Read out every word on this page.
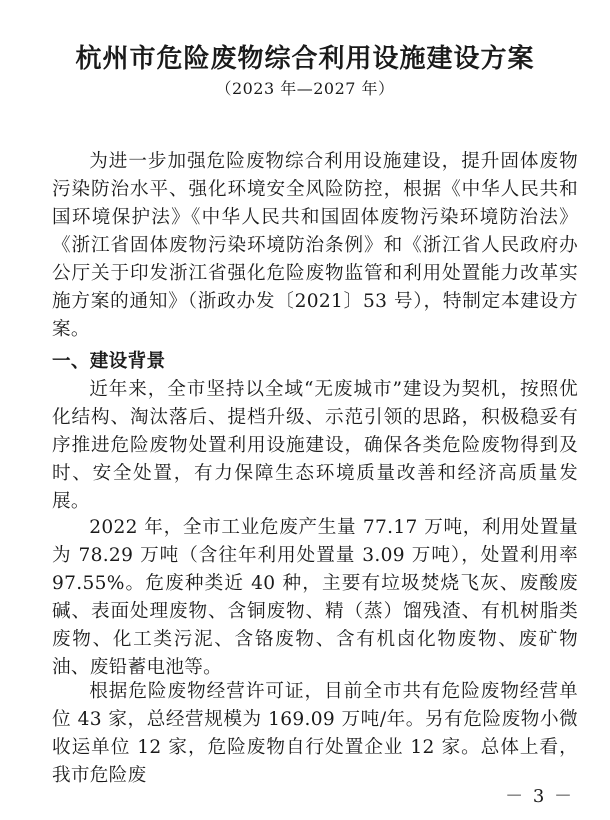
杭州市危险废物综合利用设施建设方案
（2023 年—2027 年）
为进一步加强危险废物综合利用设施建设，提升固体废物污染防治水平、强化环境安全风险防控，根据《中华人民共和国环境保护法》《中华人民共和国固体废物污染环境防治法》《浙江省固体废物污染环境防治条例》和《浙江省人民政府办公厅关于印发浙江省强化危险废物监管和利用处置能力改革实施方案的通知》（浙政办发〔2021〕53 号），特制定本建设方案。
一、建设背景
近年来，全市坚持以全域“无废城市”建设为契机，按照优化结构、淘汰落后、提档升级、示范引领的思路，积极稳妥有序推进危险废物处置利用设施建设，确保各类危险废物得到及时、安全处置，有力保障生态环境质量改善和经济高质量发展。
2022 年，全市工业危废产生量 77.17 万吨，利用处置量为 78.29 万吨（含往年利用处置量 3.09 万吨），处置利用率 97.55%。危废种类近 40 种，主要有垃圾焚烧飞灰、废酸废碱、表面处理废物、含铜废物、精（蒸）馏残渣、有机树脂类废物、化工类污泥、含铬废物、含有机卤化物废物、废矿物油、废铅蓄电池等。
根据危险废物经营许可证，目前全市共有危险废物经营单位 43 家，总经营规模为 169.09 万吨/年。另有危险废物小微收运单位 12 家，危险废物自行处置企业 12 家。总体上看，我市危险废
－ 3 －
